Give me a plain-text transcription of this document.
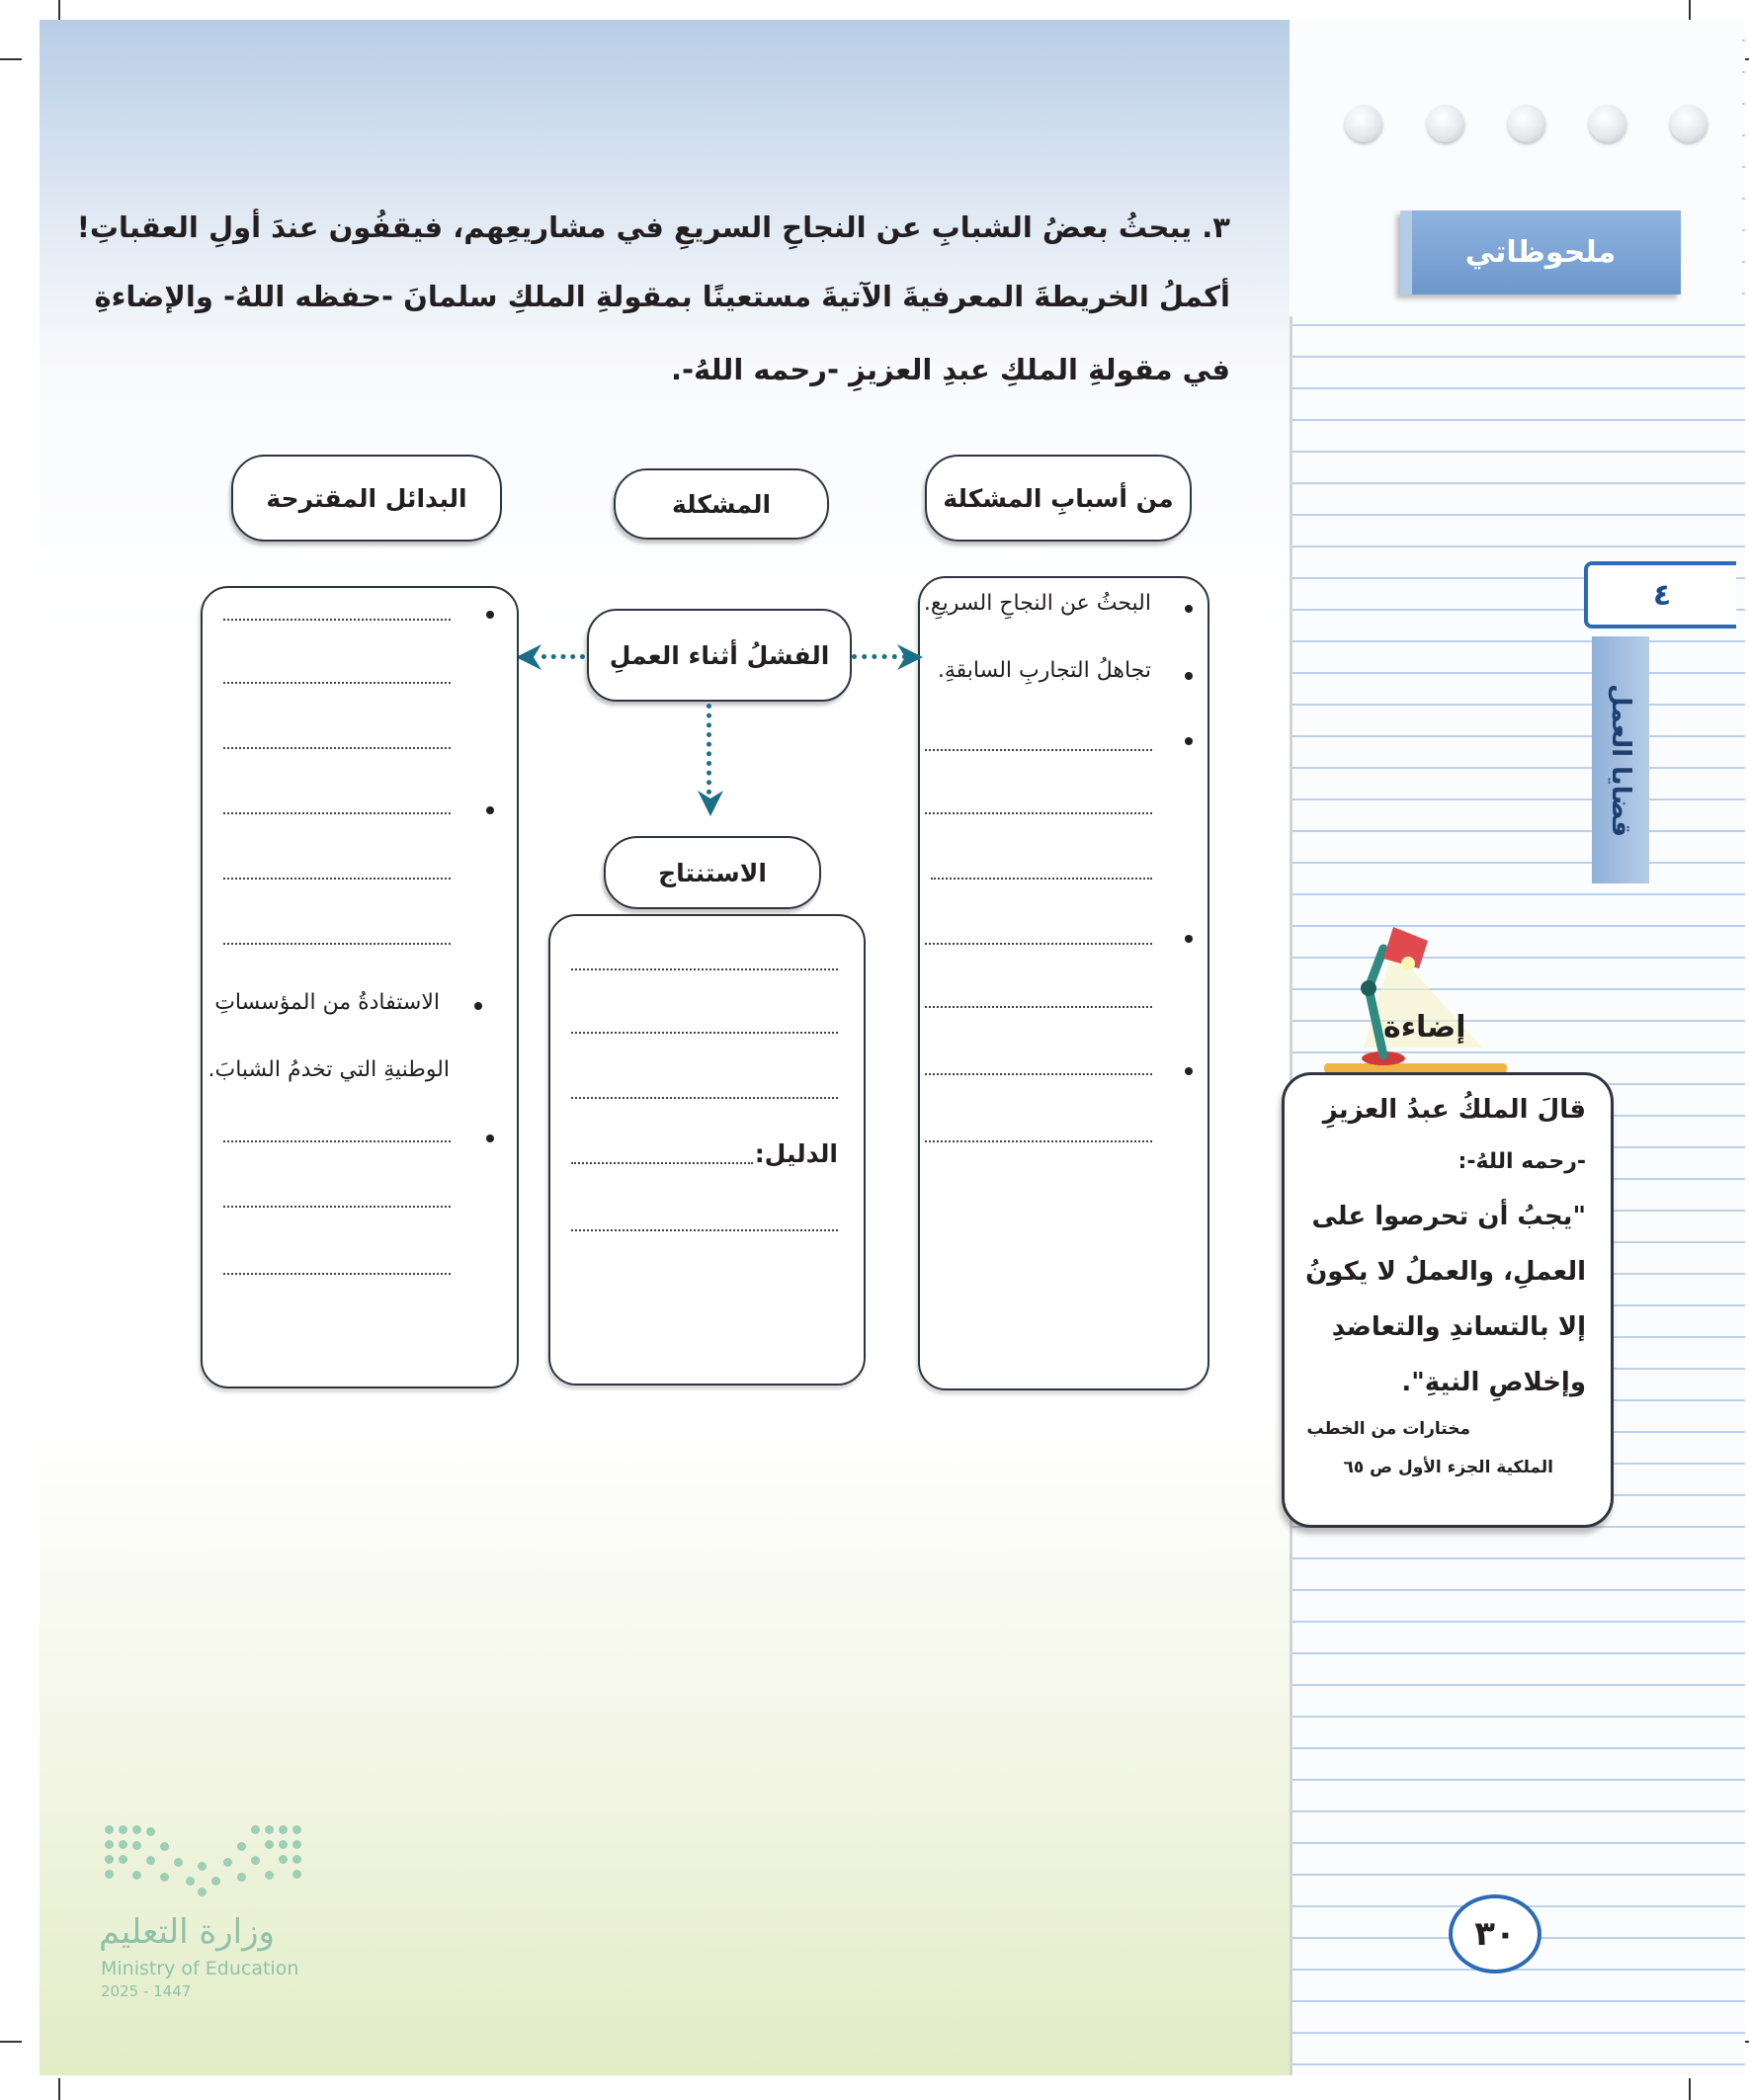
ملحوظاتي
٤
قضايا العمل
٣. يبحثُ بعضُ الشبابِ عن النجاحِ السريعِ في مشاريعِهم، فيقفُون عندَ أولِ العقباتِ!
أكملُ الخريطةَ المعرفيةَ الآتيةَ مستعينًا بمقولةِ الملكِ سلمانَ -حفظه اللهُ- والإضاءةِ
في مقولةِ الملكِ عبدِ العزيزِ -رحمه اللهُ-.
من أسبابِ المشكلة
المشكلة
البدائل المقترحة
البحثُ عن النجاحِ السريعِ.
تجاهلُ التجاربِ السابقةِ.
الفشلُ أثناء العملِ
الاستنتاج
الدليل:
الاستفادةُ من المؤسساتِ
الوطنيةِ التي تخدمُ الشبابَ.
إضاءة
قالَ الملكُ عبدُ العزيزِ
-رحمه اللهُ-:
"يجبُ أن تحرصوا على
العملِ، والعملُ لا يكونُ
إلا بالتساندِ والتعاضدِ
وإخلاصِ النيةِ".
مختارات من الخطب
الملكية الجزء الأول ص ٦٥
٣٠
وزارة التعليم
Ministry of Education
2025 - 1447
